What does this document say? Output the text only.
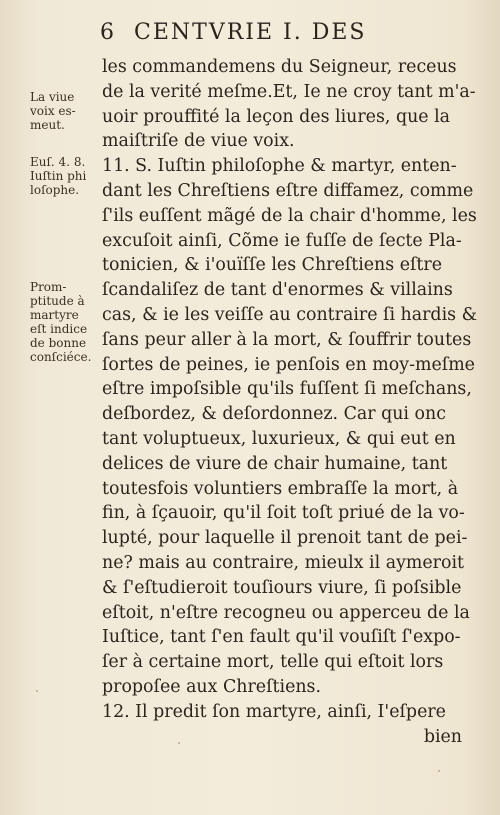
6 CENTVRIE I. DES
La viue
voix es-
meut.
Euſ. 4. 8.
Iuſtin phi
loſophe.
Prom-
ptitude à
martyre
eſt indice
de bonne
conſciéce.
les commandemens du Seigneur, receus
de la verité meſme.Et, Ie ne croy tant m'a-
uoir prouffité la leçon des liures, que la
maiſtriſe de viue voix.
11. S. Iuſtin philoſophe & martyr, enten-
dant les Chreſtiens eſtre diffamez, comme
ſ'ils euſſent mãgé de la chair d'homme, les
excuſoit ainſi, Cõme ie fuſſe de ſecte Pla-
tonicien, & i'ouïſſe les Chreſtiens eſtre
ſcandaliſez de tant d'enormes & villains
cas, & ie les veiſſe au contraire ſi hardis &
ſans peur aller à la mort, & ſouffrir toutes
ſortes de peines, ie penſois en moy-meſme
eſtre impoſsible qu'ils fuſſent ſi meſchans,
deſbordez, & deſordonnez. Car qui onc
tant voluptueux, luxurieux, & qui eut en
delices de viure de chair humaine, tant
toutesfois voluntiers embraſſe la mort, à
fin, à ſçauoir, qu'il ſoit toſt priué de la vo-
lupté, pour laquelle il prenoit tant de pei-
ne? mais au contraire, mieulx il aymeroit
& ſ'eſtudieroit touſiours viure, ſi poſsible
eſtoit, n'eſtre recogneu ou apperceu de la
Iuſtice, tant ſ'en fault qu'il vouſiſt ſ'expo-
ſer à certaine mort, telle qui eſtoit lors
propoſee aux Chreſtiens.
12. Il predit ſon martyre, ainſi, I'eſpere
bien
